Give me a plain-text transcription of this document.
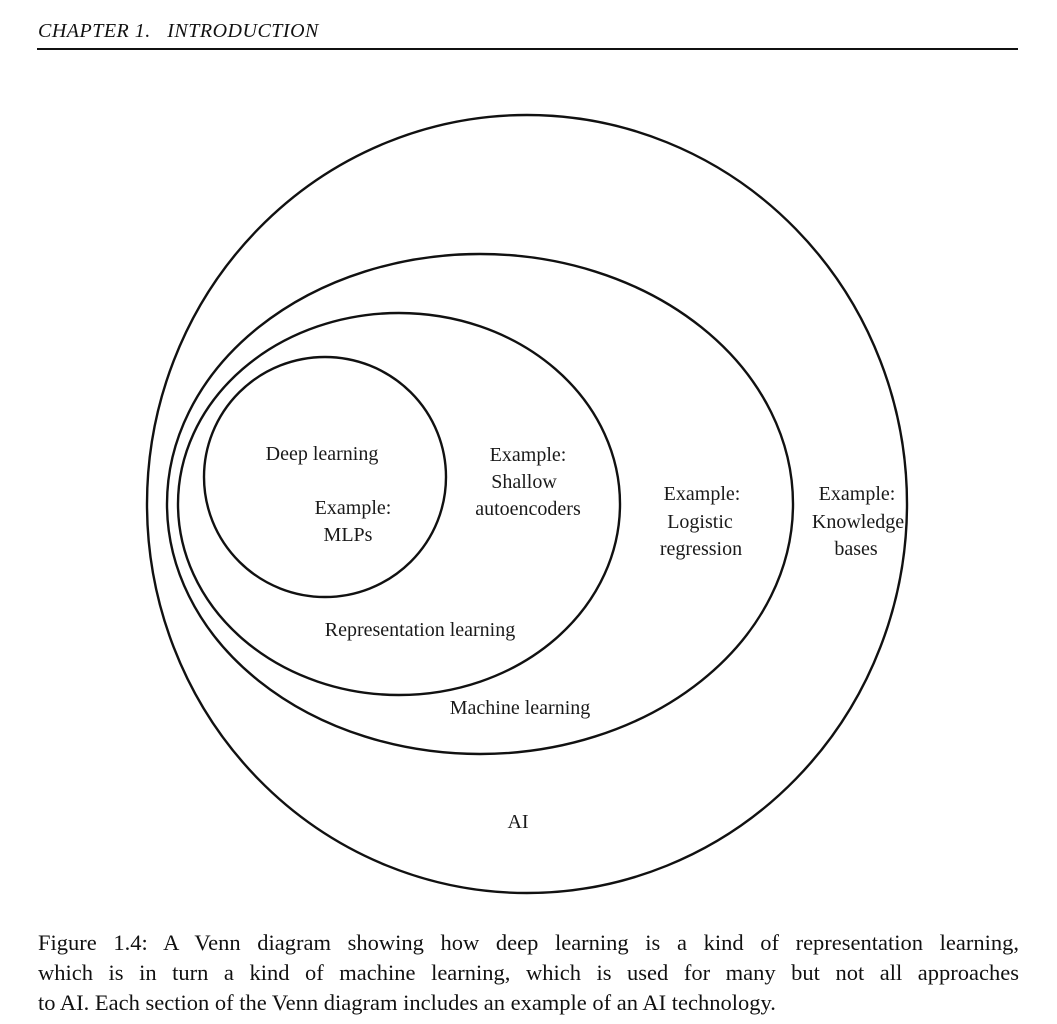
CHAPTER 1.   INTRODUCTION
Deep learning
Example:
MLPs
Example:
Shallow
autoencoders
Example:
Logistic
regression
Example:
Knowledge
bases
Representation learning
Machine learning
AI
Figure 1.4: A Venn diagram showing how deep learning is a kind of representation learning,
which is in turn a kind of machine learning, which is used for many but not all approaches
to AI. Each section of the Venn diagram includes an example of an AI technology.
